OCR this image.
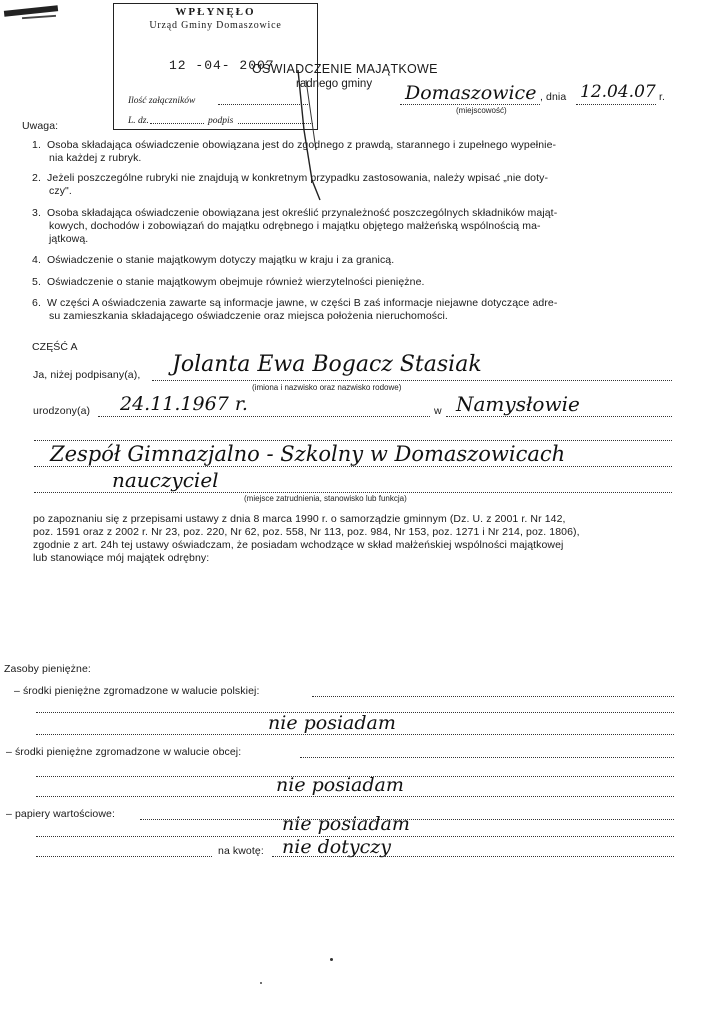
WPŁYNĘŁO
Urząd Gminy Domaszowice
12 -04- 2007
Ilość załączników
L. dz.	podpis
OŚWIADCZENIE MAJĄTKOWE
radnego gminy Domaszowice
(miejscowość)
, dnia 12.04.07 r.
Uwaga:
1. Osoba składająca oświadczenie obowiązana jest do zgodnego z prawdą, starannego i zupełnego wypełnie-
nia każdej z rubryk.
2. Jeżeli poszczególne rubryki nie znajdują w konkretnym przypadku zastosowania, należy wpisać „nie doty-
czy".
3. Osoba składająca oświadczenie obowiązana jest określić przynależność poszczególnych składników mająt-
kowych, dochodów i zobowiązań do majątku odrębnego i majątku objętego małżeńską wspólnością ma-
jątkową.
4. Oświadczenie o stanie majątkowym dotyczy majątku w kraju i za granicą.
5. Oświadczenie o stanie majątkowym obejmuje również wierzytelności pieniężne.
6. W części A oświadczenia zawarte są informacje jawne, w części B zaś informacje niejawne dotyczące adre-
su zamieszkania składającego oświadczenie oraz miejsca położenia nieruchomości.
CZĘŚĆ A
Ja, niżej podpisany(a), Jolanta Ewa Bogacz Stasiak
(imiona i nazwisko oraz nazwisko rodowe)
urodzony(a) 24.11.1967 r.	w Namysłowie
Zespół Gimnazjalno - Szkolny w Domaszowicach
nauczyciel
(miejsce zatrudnienia, stanowisko lub funkcja)
po zapoznaniu się z przepisami ustawy z dnia 8 marca 1990 r. o samorządzie gminnym (Dz. U. z 2001 r. Nr 142,
poz. 1591 oraz z 2002 r. Nr 23, poz. 220, Nr 62, poz. 558, Nr 113, poz. 984, Nr 153, poz. 1271 i Nr 214, poz. 1806),
zgodnie z art. 24h tej ustawy oświadczam, że posiadam wchodzące w skład małżeńskiej wspólności majątkowej
lub stanowiące mój majątek odrębny:
Zasoby pieniężne:
– środki pieniężne zgromadzone w walucie polskiej:
nie posiadam
– środki pieniężne zgromadzone w walucie obcej:
nie posiadam
– papiery wartościowe:	nie posiadam
na kwotę: nie dotyczy
